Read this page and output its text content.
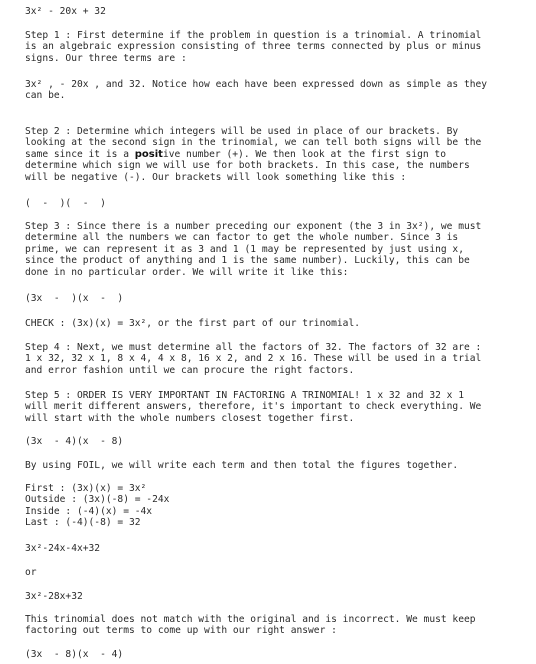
3x² - 20x + 32
Step 1 : First determine if the problem in question is a trinomial. A trinomial
is an algebraic expression consisting of three terms connected by plus or minus
signs. Our three terms are :
3x² , - 20x , and 32. Notice how each have been expressed down as simple as they
can be.
Step 2 : Determine which integers will be used in place of our brackets. By
looking at the second sign in the trinomial, we can tell both signs will be the
same since it is a positive number (+). We then look at the first sign to
determine which sign we will use for both brackets. In this case, the numbers
will be negative (-). Our brackets will look something like this :
(  -  )(  -  )
Step 3 : Since there is a number preceding our exponent (the 3 in 3x²), we must
determine all the numbers we can factor to get the whole number. Since 3 is
prime, we can represent it as 3 and 1 (1 may be represented by just using x,
since the product of anything and 1 is the same number). Luckily, this can be
done in no particular order. We will write it like this:
(3x  -  )(x  -  )
CHECK : (3x)(x) = 3x², or the first part of our trinomial.
Step 4 : Next, we must determine all the factors of 32. The factors of 32 are :
1 x 32, 32 x 1, 8 x 4, 4 x 8, 16 x 2, and 2 x 16. These will be used in a trial
and error fashion until we can procure the right factors.
Step 5 : ORDER IS VERY IMPORTANT IN FACTORING A TRINOMIAL! 1 x 32 and 32 x 1
will merit different answers, therefore, it's important to check everything. We
will start with the whole numbers closest together first.
(3x  - 4)(x  - 8)
By using FOIL, we will write each term and then total the figures together.
First : (3x)(x) = 3x²
Outside : (3x)(-8) = -24x
Inside : (-4)(x) = -4x
Last : (-4)(-8) = 32
3x²-24x-4x+32
or
3x²-28x+32
This trinomial does not match with the original and is incorrect. We must keep
factoring out terms to come up with our right answer :
(3x  - 8)(x  - 4)
